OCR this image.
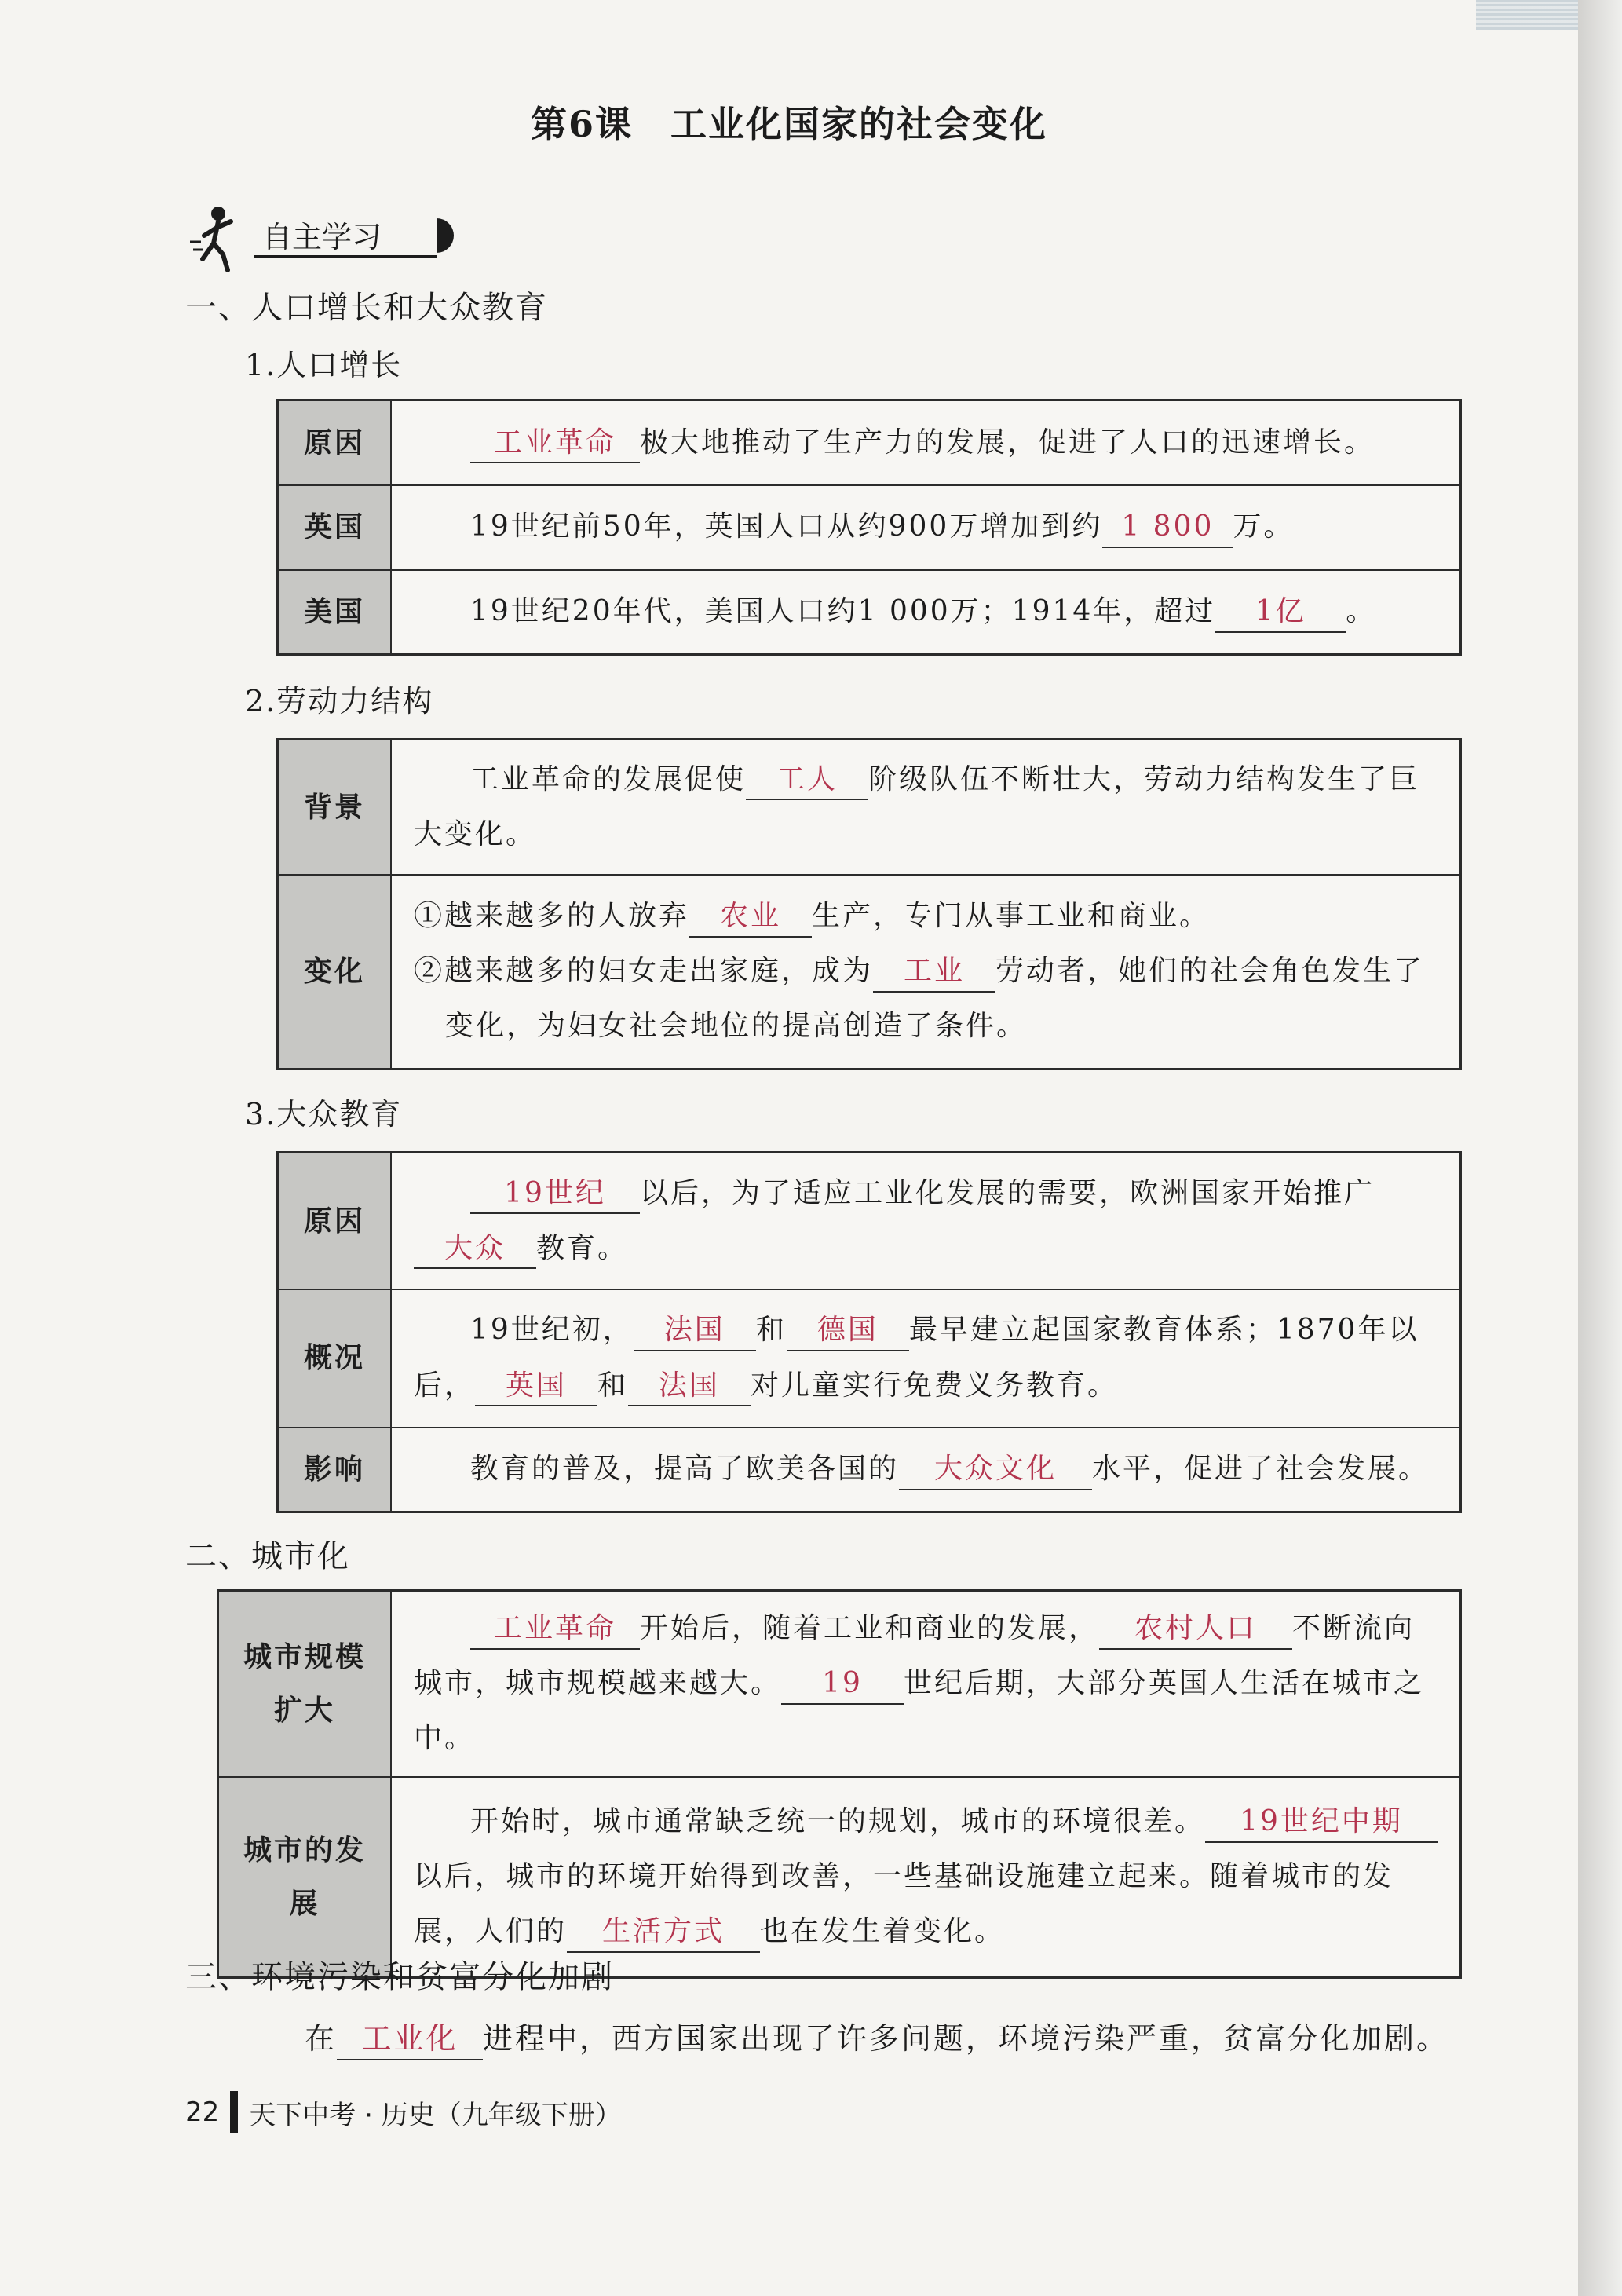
第6课　工业化国家的社会变化
自主学习
一、人口增长和大众教育
1.人口增长
原因	工业革命 极大地推动了生产力的发展，促进了人口的迅速增长。
英国	19世纪前50年，英国人口从约900万增加到约 1 800 万。
美国	19世纪20年代，美国人口约1 000万；1914年，超过 1亿 。
2.劳动力结构
背景	工业革命的发展促使 工人 阶级队伍不断壮大，劳动力结构发生了巨大变化。
变化	①越来越多的人放弃 农业 生产，专门从事工业和商业。
②越来越多的妇女走出家庭，成为 工业 劳动者，她们的社会角色发生了
变化，为妇女社会地位的提高创造了条件。
3.大众教育
原因	19世纪 以后，为了适应工业化发展的需要，欧洲国家开始推广大众 教育。
概况	19世纪初， 法国 和 德国 最早建立起国家教育体系；1870年以后， 英国 和 法国 对儿童实行免费义务教育。
影响	教育的普及，提高了欧美各国的 大众文化 水平，促进了社会发展。
二、城市化
城市规模扩大	工业革命 开始后，随着工业和商业的发展， 农村人口 不断流向城市，城市规模越来越大。 19 世纪后期，大部分英国人生活在城市之中。
城市的发展	开始时，城市通常缺乏统一的规划，城市的环境很差。 19世纪中期以后，城市的环境开始得到改善，一些基础设施建立起来。随着城市的发展，人们的 生活方式 也在发生着变化。
三、环境污染和贫富分化加剧
在 工业化 进程中，西方国家出现了许多问题，环境污染严重，贫富分化加剧。
22 天下中考 · 历史（九年级下册）
